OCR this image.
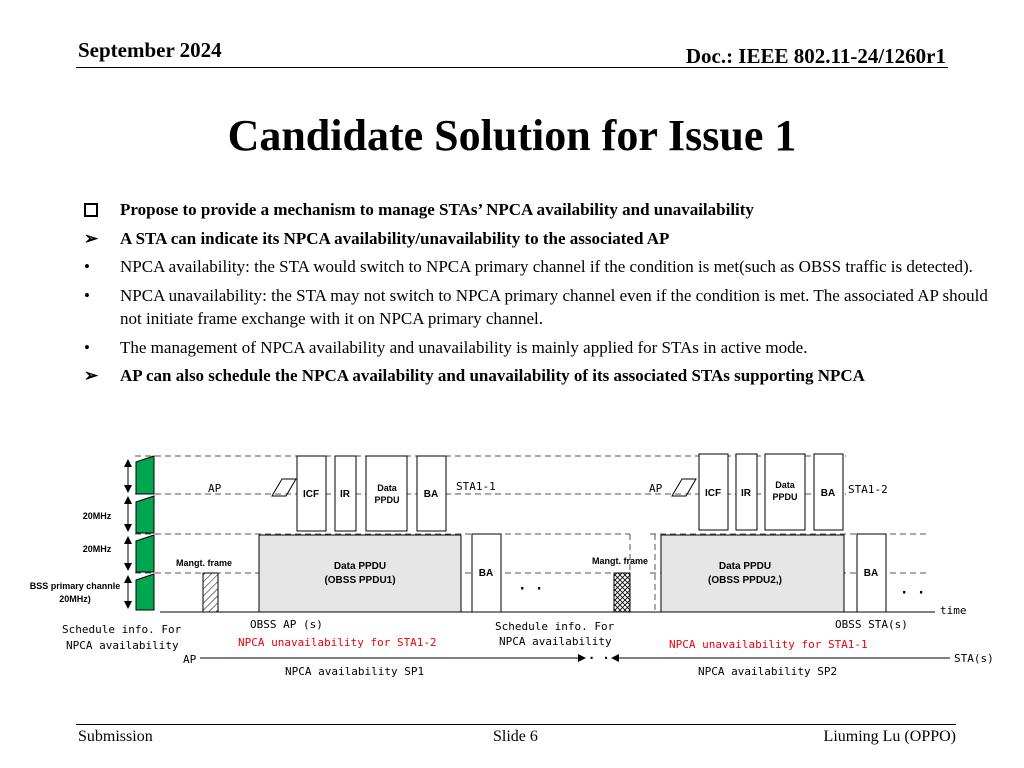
September 2024	Doc.: IEEE 802.11-24/1260r1
Candidate Solution for Issue 1
Propose to provide a mechanism to manage STAs’ NPCA availability and unavailability
➢	A STA can indicate its NPCA availability/unavailability to the associated AP
•	NPCA availability: the STA would switch to NPCA primary channel if the condition is met(such as OBSS traffic is detected).
•	NPCA unavailability: the STA may not switch to NPCA primary channel even if the condition is met. The associated AP should not initiate frame exchange with it on NPCA primary channel.
•	The management of NPCA availability and unavailability is mainly applied for STAs in active mode.
➢	AP can also schedule the NPCA availability and unavailability of its associated STAs supporting NPCA
20MHz
20MHz
BSS primary channle
20MHz)
time
AP	ICF IR
Data
PPDU BA
STA1-1
Mangt. frame	Data PPDU
(OBSS PPDU1)
BA
· ·
OBSS AP (s)
Schedule info. For
NPCA availability	NPCA unavailability for STA1-2
AP
NPCA availability SP1
AP	ICF IR
Data
PPDU BA STA1-2
Mangt. frame	Data PPDU
(OBSS PPDU2,)
BA
· ·
OBSS STA(s)
Schedule info. For
NPCA availability	NPCA unavailability for STA1-1
· ·	STA(s)
NPCA availability SP2
Submission	Slide 6	Liuming Lu (OPPO)
